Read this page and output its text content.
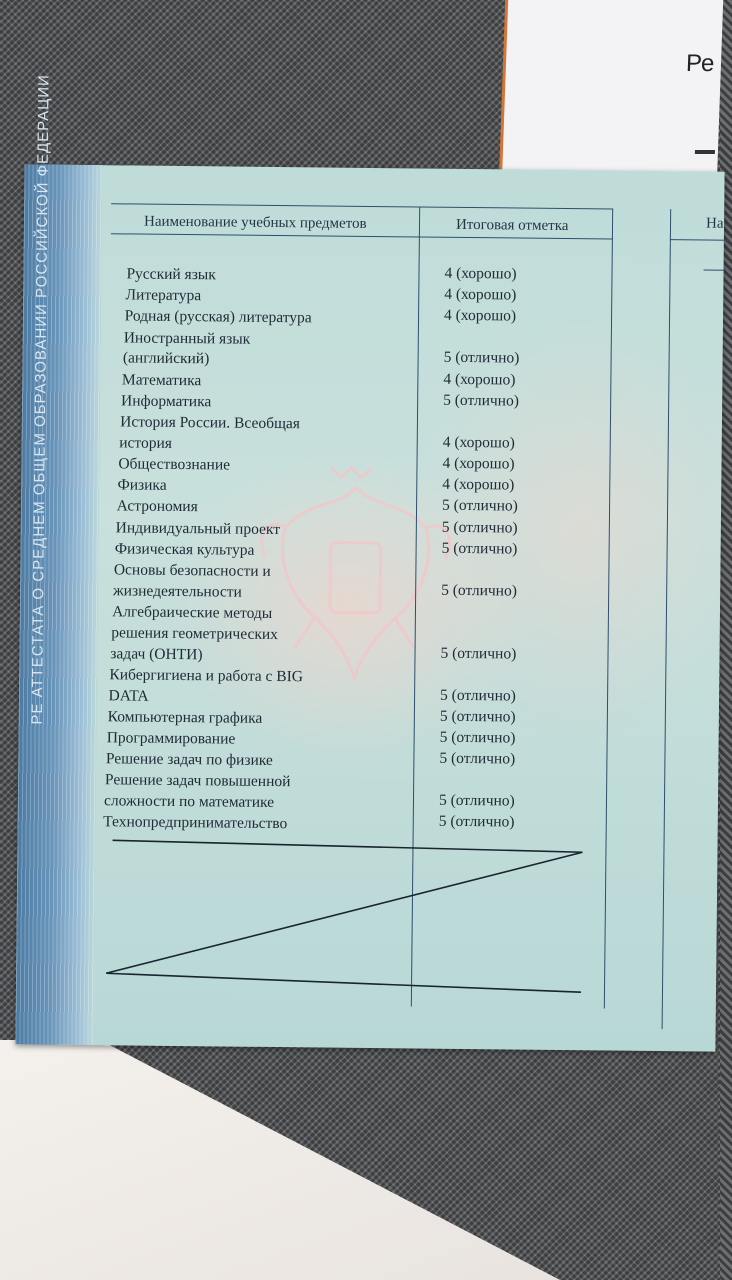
Ре
РЕ АТТЕСТАТА О СРЕДНЕМ ОБЩЕМ ОБРАЗОВАНИИ РОССИЙСКОЙ ФЕДЕРАЦИИ	Наименование учебных предметов	Итоговая отметка	На
Русский язык	4 (хорошо)
Литература	4 (хорошо)
Родная (русская) литература	4 (хорошо)
Иностранный язык
(английский)	5 (отлично)
Математика	4 (хорошо)
Информатика	5 (отлично)
История России. Всеобщая
история	4 (хорошо)
Обществознание	4 (хорошо)
Физика	4 (хорошо)
Астрономия	5 (отлично)
Индивидуальный проект	5 (отлично)
Физическая культура	5 (отлично)
Основы безопасности и
жизнедеятельности	5 (отлично)
Алгебраические методы
решения геометрических
задач (ОНТИ)	5 (отлично)
Кибергигиена и работа с BIG
DATA	5 (отлично)
Компьютерная графика	5 (отлично)
Программирование	5 (отлично)
Решение задач по физике	5 (отлично)
Решение задач повышенной
сложности по математике	5 (отлично)
Технопредпринимательство	5 (отлично)
